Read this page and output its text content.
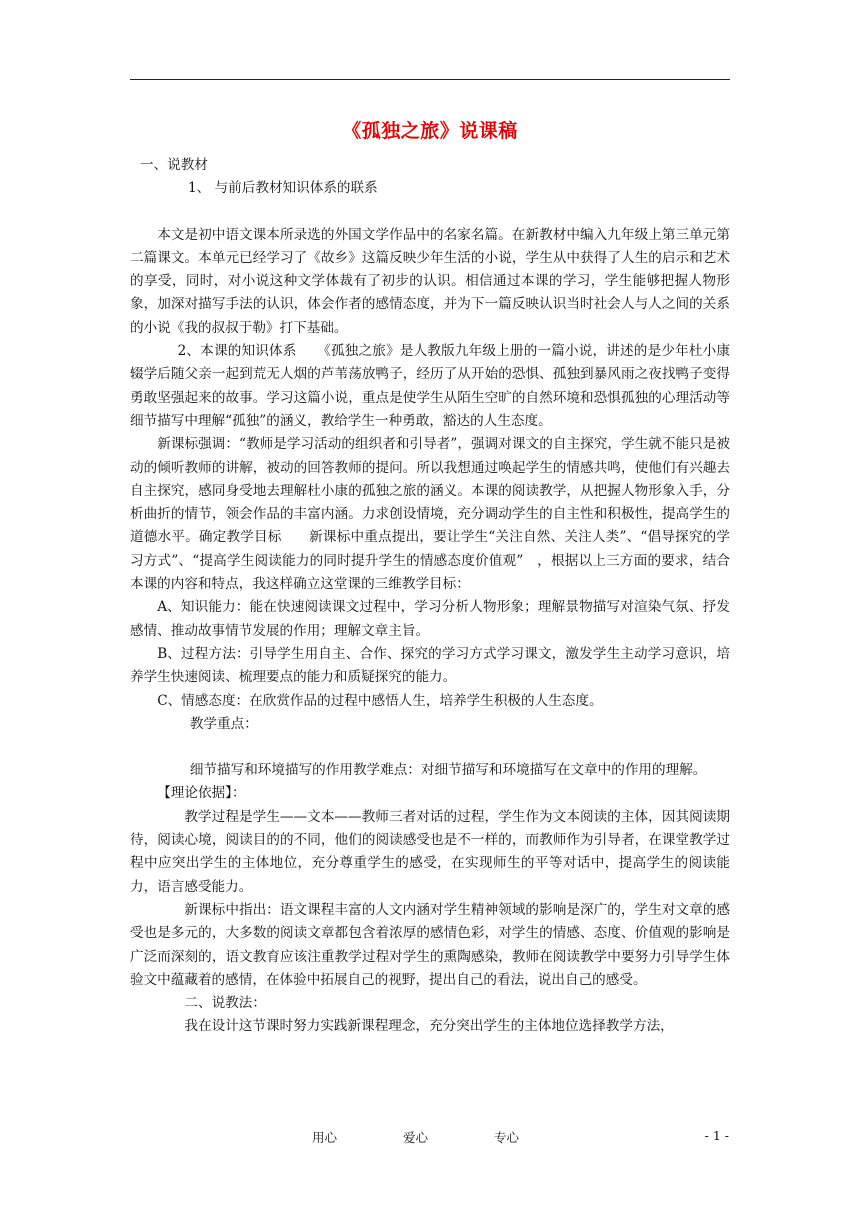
《孤独之旅》说课稿

一、说教材

1、 与前后教材知识体系的联系

本文是初中语文课本所录选的外国文学作品中的名家名篇。在新教材中编入九年级上第三单元第二篇课文。本单元已经学习了《故乡》这篇反映少年生活的小说，学生从中获得了人生的启示和艺术的享受，同时，对小说这种文学体裁有了初步的认识。相信通过本课的学习，学生能够把握人物形象，加深对描写手法的认识，体会作者的感情态度，并为下一篇反映认识当时社会人与人之间的关系的小说《我的叔叔于勒》打下基础。

2、本课的知识体系　　《孤独之旅》是人教版九年级上册的一篇小说，讲述的是少年杜小康辍学后随父亲一起到荒无人烟的芦苇荡放鸭子，经历了从开始的恐惧、孤独到暴风雨之夜找鸭子变得勇敢坚强起来的故事。学习这篇小说，重点是使学生从陌生空旷的自然环境和恐惧孤独的心理活动等细节描写中理解“孤独”的涵义，教给学生一种勇敢，豁达的人生态度。

新课标强调：“教师是学习活动的组织者和引导者”，强调对课文的自主探究，学生就不能只是被动的倾听教师的讲解，被动的回答教师的提问。所以我想通过唤起学生的情感共鸣，使他们有兴趣去自主探究，感同身受地去理解杜小康的孤独之旅的涵义。本课的阅读教学，从把握人物形象入手，分析曲折的情节，领会作品的丰富内涵。力求创设情境，充分调动学生的自主性和积极性，提高学生的道德水平。确定教学目标　　新课标中重点提出，要让学生“关注自然、关注人类”、“倡导探究的学习方式”、“提高学生阅读能力的同时提升学生的情感态度价值观”　，根据以上三方面的要求，结合本课的内容和特点，我这样确立这堂课的三维教学目标：

A、知识能力：能在快速阅读课文过程中，学习分析人物形象；理解景物描写对渲染气氛、抒发感情、推动故事情节发展的作用；理解文章主旨。

B、过程方法：引导学生用自主、合作、探究的学习方式学习课文，激发学生主动学习意识，培养学生快速阅读、梳理要点的能力和质疑探究的能力。

C、情感态度：在欣赏作品的过程中感悟人生，培养学生积极的人生态度。

教学重点：

细节描写和环境描写的作用教学难点：对细节描写和环境描写在文章中的作用的理解。

【理论依据】：

教学过程是学生——文本——教师三者对话的过程，学生作为文本阅读的主体，因其阅读期待，阅读心境，阅读目的的不同，他们的阅读感受也是不一样的，而教师作为引导者，在课堂教学过程中应突出学生的主体地位，充分尊重学生的感受，在实现师生的平等对话中，提高学生的阅读能力，语言感受能力。

新课标中指出：语文课程丰富的人文内涵对学生精神领域的影响是深广的，学生对文章的感受也是多元的，大多数的阅读文章都包含着浓厚的感情色彩，对学生的情感、态度、价值观的影响是广泛而深刻的，语文教育应该注重教学过程对学生的熏陶感染，教师在阅读教学中要努力引导学生体验文中蕴藏着的感情，在体验中拓展自己的视野，提出自己的看法，说出自己的感受。

二、说教法：

我在设计这节课时努力实践新课程理念，充分突出学生的主体地位选择教学方法，

用心	爱心	专心	- 1 -
